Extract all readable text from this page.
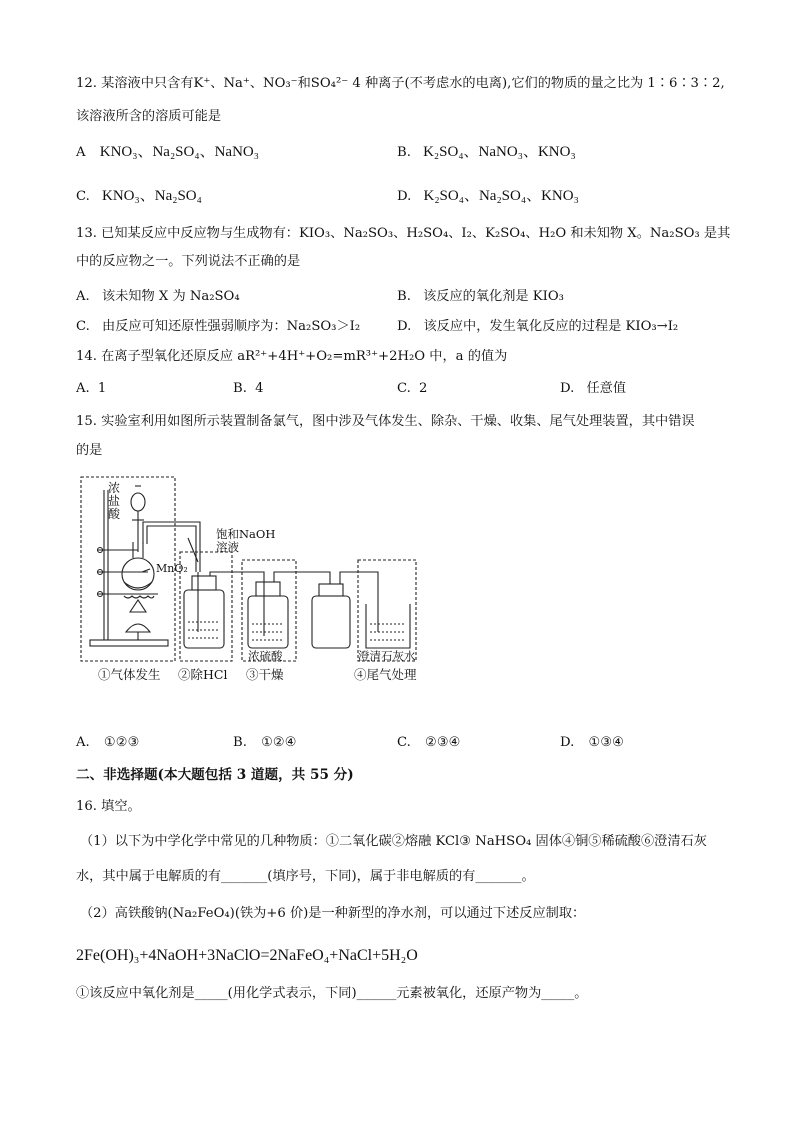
12. 某溶液中只含有K⁺、Na⁺、NO₃⁻和SO₄²⁻ 4 种离子(不考虑水的电离),它们的物质的量之比为 1∶6∶3∶2,
该溶液所含的溶质可能是
A KNO₃、Na₂SO₄、NaNO₃	B. K₂SO₄、NaNO₃、KNO₃
C. KNO₃、Na₂SO₄	D. K₂SO₄、Na₂SO₄、KNO₃
13. 已知某反应中反应物与生成物有：KIO₃、Na₂SO₃、H₂SO₄、I₂、K₂SO₄、H₂O 和未知物 X。Na₂SO₃ 是其
中的反应物之一。下列说法不正确的是
A. 该未知物 X 为 Na₂SO₄	B. 该反应的氧化剂是 KIO₃
C. 由反应可知还原性强弱顺序为：Na₂SO₃＞I₂	D. 该反应中，发生氧化反应的过程是 KIO₃→I₂
14. 在离子型氧化还原反应 aR²⁺+4H⁺+O₂=mR³⁺+2H₂O 中，a 的值为
A. 1	B. 4	C. 2	D. 任意值
15. 实验室利用如图所示装置制备氯气，图中涉及气体发生、除杂、干燥、收集、尾气处理装置，其中错误
的是
浓
盐
酸
MnO₂
饱和NaOH
溶液
浓硫酸	澄清石灰水
①气体发生 ②除HCl ③干燥	④尾气处理
A. ①②③	B. ①②④	C. ②③④	D. ①③④
二、非选择题(本大题包括 3 道题，共 55 分)
16. 填空。
（1）以下为中学化学中常见的几种物质：①二氧化碳②熔融 KCl③ NaHSO₄ 固体④铜⑤稀硫酸⑥澄清石灰
水，其中属于电解质的有_______(填序号，下同)，属于非电解质的有_______。
（2）高铁酸钠(Na₂FeO₄)(铁为+6 价)是一种新型的净水剂，可以通过下述反应制取：
2Fe(OH)₃+4NaOH+3NaClO=2NaFeO₄+NaCl+5H₂O
①该反应中氧化剂是_____(用化学式表示，下同)______元素被氧化，还原产物为_____。
